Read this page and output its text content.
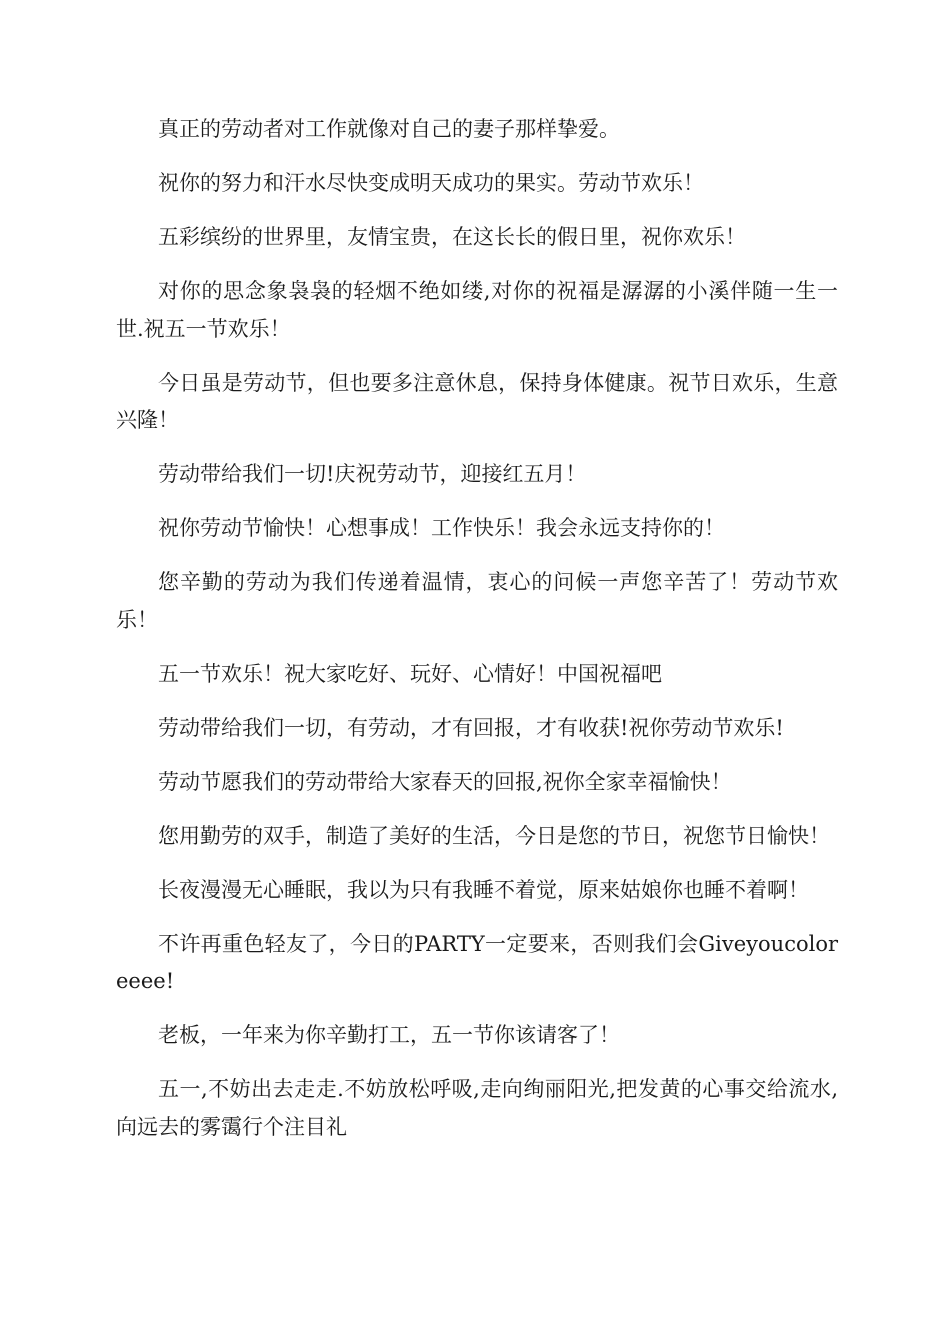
真正的劳动者对工作就像对自己的妻子那样挚爱。

祝你的努力和汗水尽快变成明天成功的果实。劳动节欢乐！

五彩缤纷的世界里，友情宝贵，在这长长的假日里，祝你欢乐！

对你的思念象袅袅的轻烟不绝如缕,对你的祝福是潺潺的小溪伴随一生一世.祝五一节欢乐！

今日虽是劳动节，但也要多注意休息，保持身体健康。祝节日欢乐，生意兴隆！

劳动带给我们一切!庆祝劳动节，迎接红五月！

祝你劳动节愉快！心想事成！工作快乐！我会永远支持你的！

您辛勤的劳动为我们传递着温情，衷心的问候一声您辛苦了！劳动节欢乐！

五一节欢乐！祝大家吃好、玩好、心情好！中国祝福吧

劳动带给我们一切，有劳动，才有回报，才有收获!祝你劳动节欢乐!

劳动节愿我们的劳动带给大家春天的回报,祝你全家幸福愉快！

您用勤劳的双手，制造了美好的生活，今日是您的节日，祝您节日愉快！

长夜漫漫无心睡眠，我以为只有我睡不着觉，原来姑娘你也睡不着啊！

不许再重色轻友了，今日的PARTY一定要来，否则我们会Giveyoucoloreeee!

老板，一年来为你辛勤打工，五一节你该请客了！

五一,不妨出去走走.不妨放松呼吸,走向绚丽阳光,把发黄的心事交给流水,向远去的雾霭行个注目礼
